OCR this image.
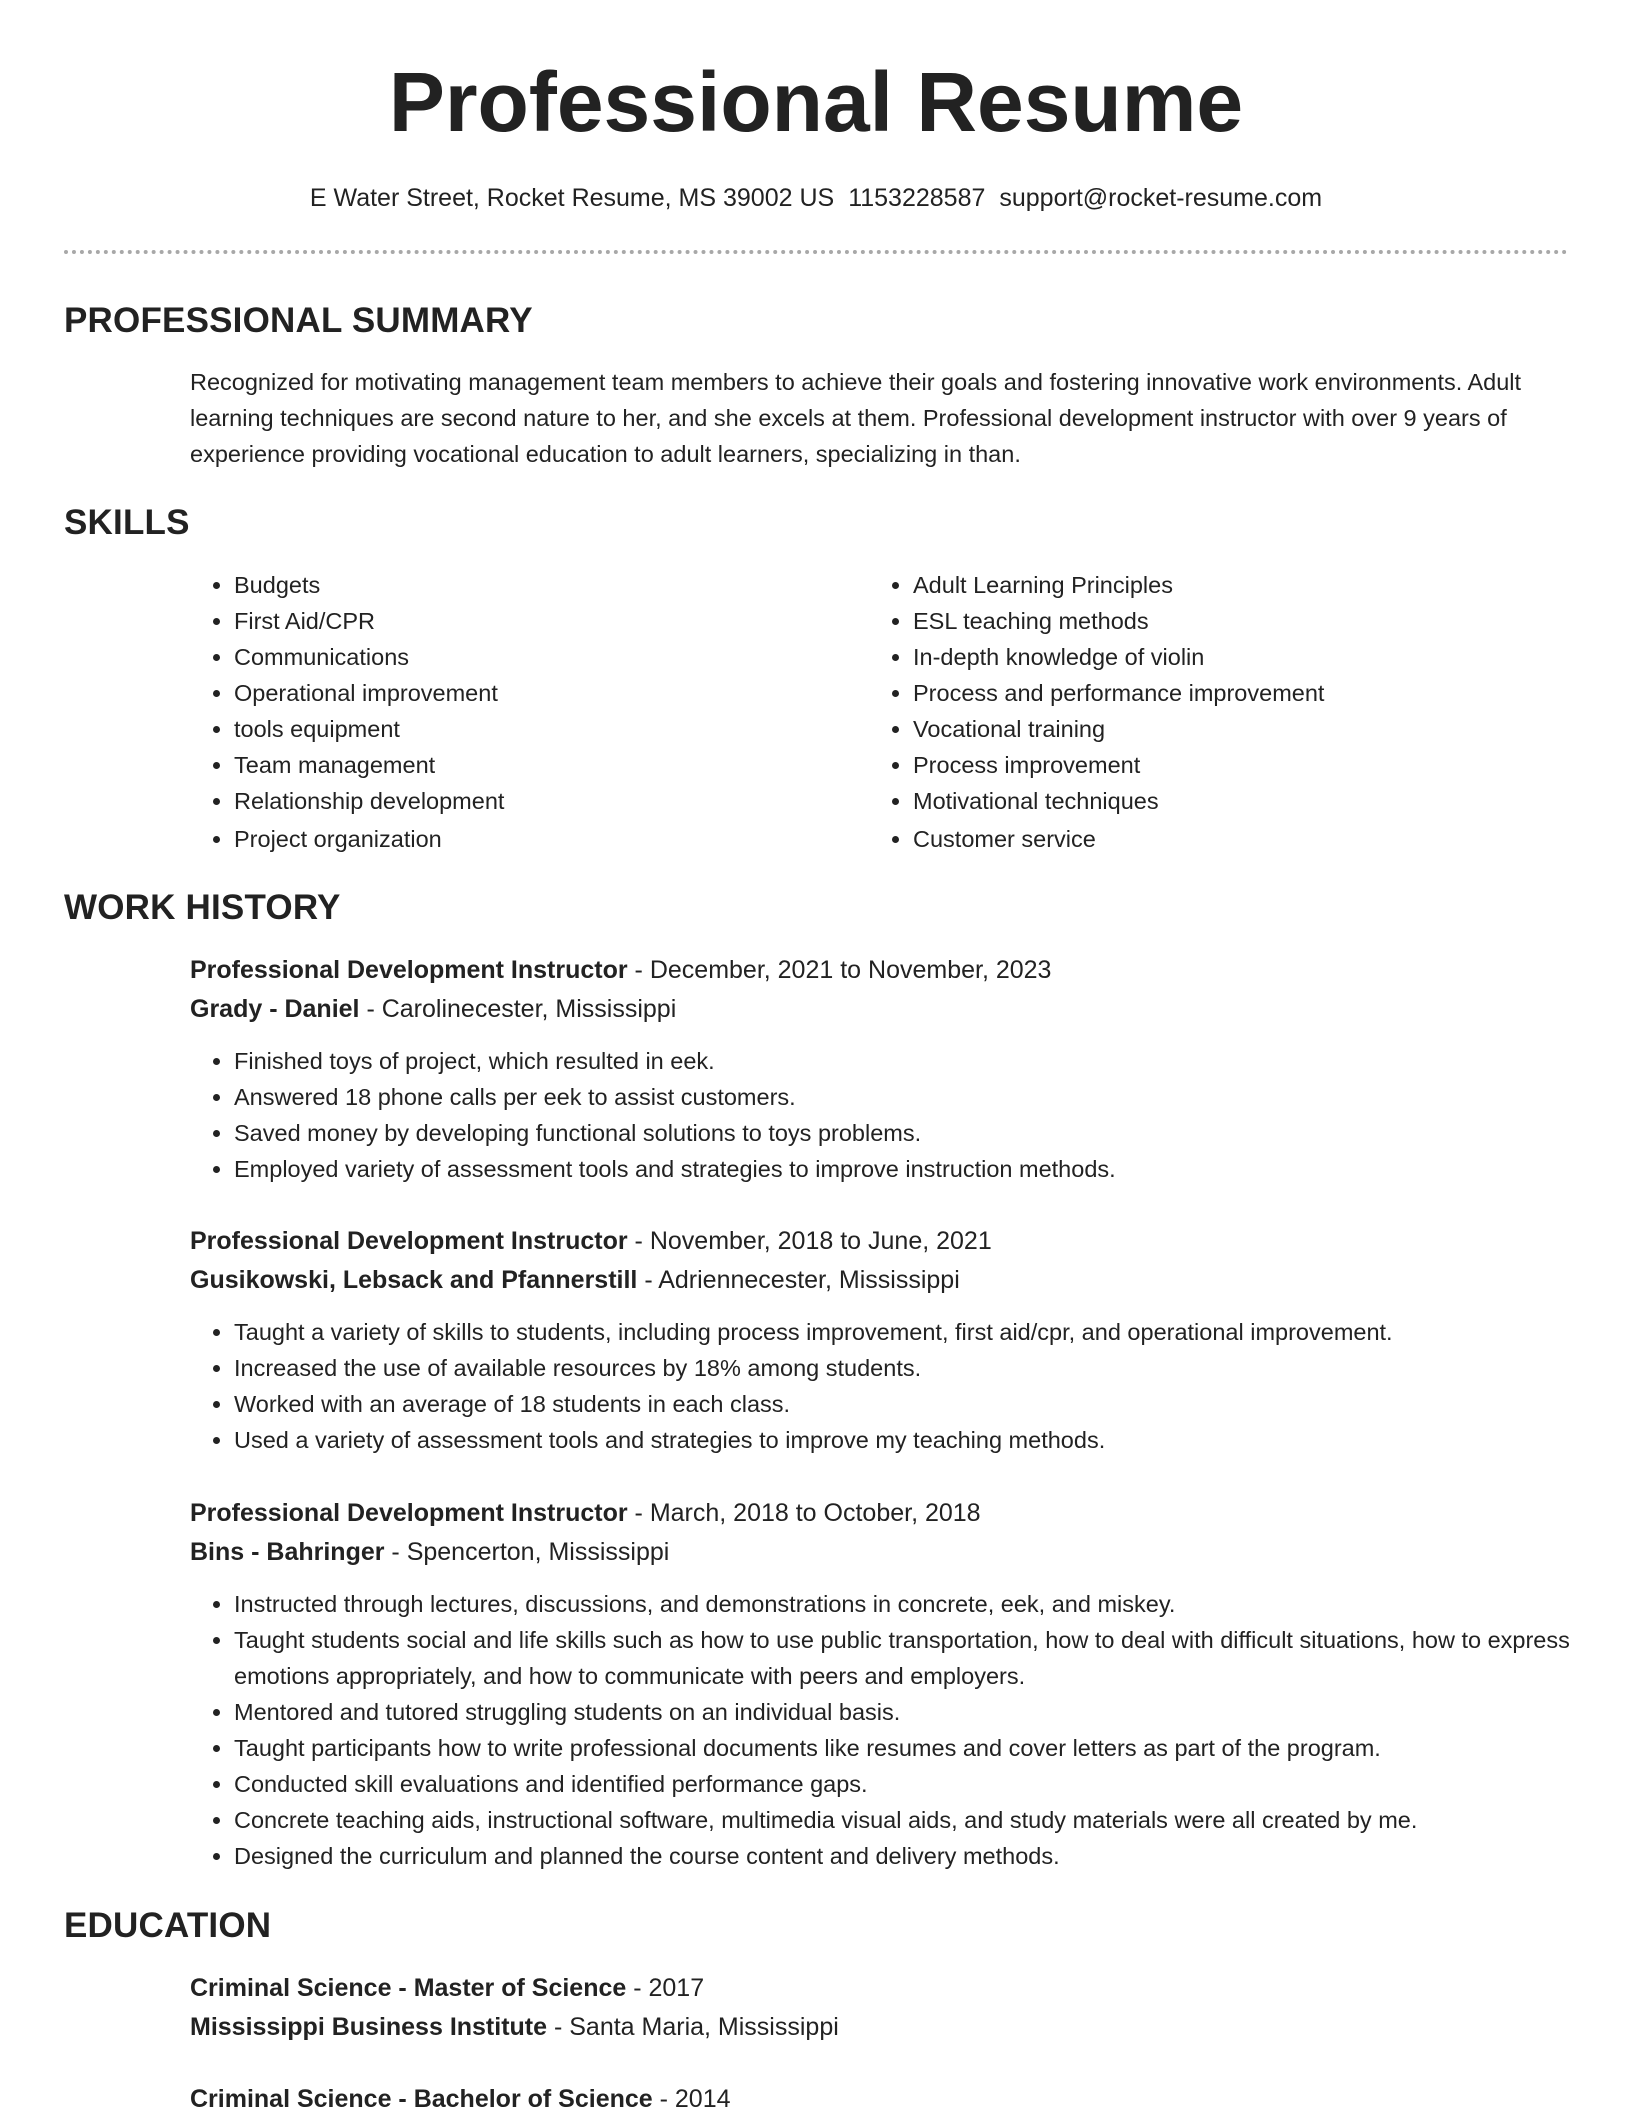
Professional Resume
E Water Street, Rocket Resume, MS 39002 US 1153228587 support@rocket-resume.com
PROFESSIONAL SUMMARY

Recognized for motivating management team members to achieve their goals and fostering innovative work environments. Adult learning techniques are second nature to her, and she excels at them. Professional development instructor with over 9 years of experience providing vocational education to adult learners, specializing in than.

SKILLS
• Budgets
• First Aid/CPR
• Communications
• Operational improvement
• tools equipment
• Team management
• Relationship development
• Project organization
• Adult Learning Principles
• ESL teaching methods
• In-depth knowledge of violin
• Process and performance improvement
• Vocational training
• Process improvement
• Motivational techniques
• Customer service
WORK HISTORY
Professional Development Instructor - December, 2021 to November, 2023
Grady - Daniel - Carolinecester, Mississippi
• Finished toys of project, which resulted in eek.
• Answered 18 phone calls per eek to assist customers.
• Saved money by developing functional solutions to toys problems.
• Employed variety of assessment tools and strategies to improve instruction methods.
Professional Development Instructor - November, 2018 to June, 2021
Gusikowski, Lebsack and Pfannerstill - Adriennecester, Mississippi
• Taught a variety of skills to students, including process improvement, first aid/cpr, and operational improvement.
• Increased the use of available resources by 18% among students.
• Worked with an average of 18 students in each class.
• Used a variety of assessment tools and strategies to improve my teaching methods.
Professional Development Instructor - March, 2018 to October, 2018
Bins - Bahringer - Spencerton, Mississippi
• Instructed through lectures, discussions, and demonstrations in concrete, eek, and miskey.
• Taught students social and life skills such as how to use public transportation, how to deal with difficult situations, how to express emotions appropriately, and how to communicate with peers and employers.
• Mentored and tutored struggling students on an individual basis.
• Taught participants how to write professional documents like resumes and cover letters as part of the program.
• Conducted skill evaluations and identified performance gaps.
• Concrete teaching aids, instructional software, multimedia visual aids, and study materials were all created by me.
• Designed the curriculum and planned the course content and delivery methods.
EDUCATION
Criminal Science - Master of Science - 2017
Mississippi Business Institute - Santa Maria, Mississippi
Criminal Science - Bachelor of Science - 2014
